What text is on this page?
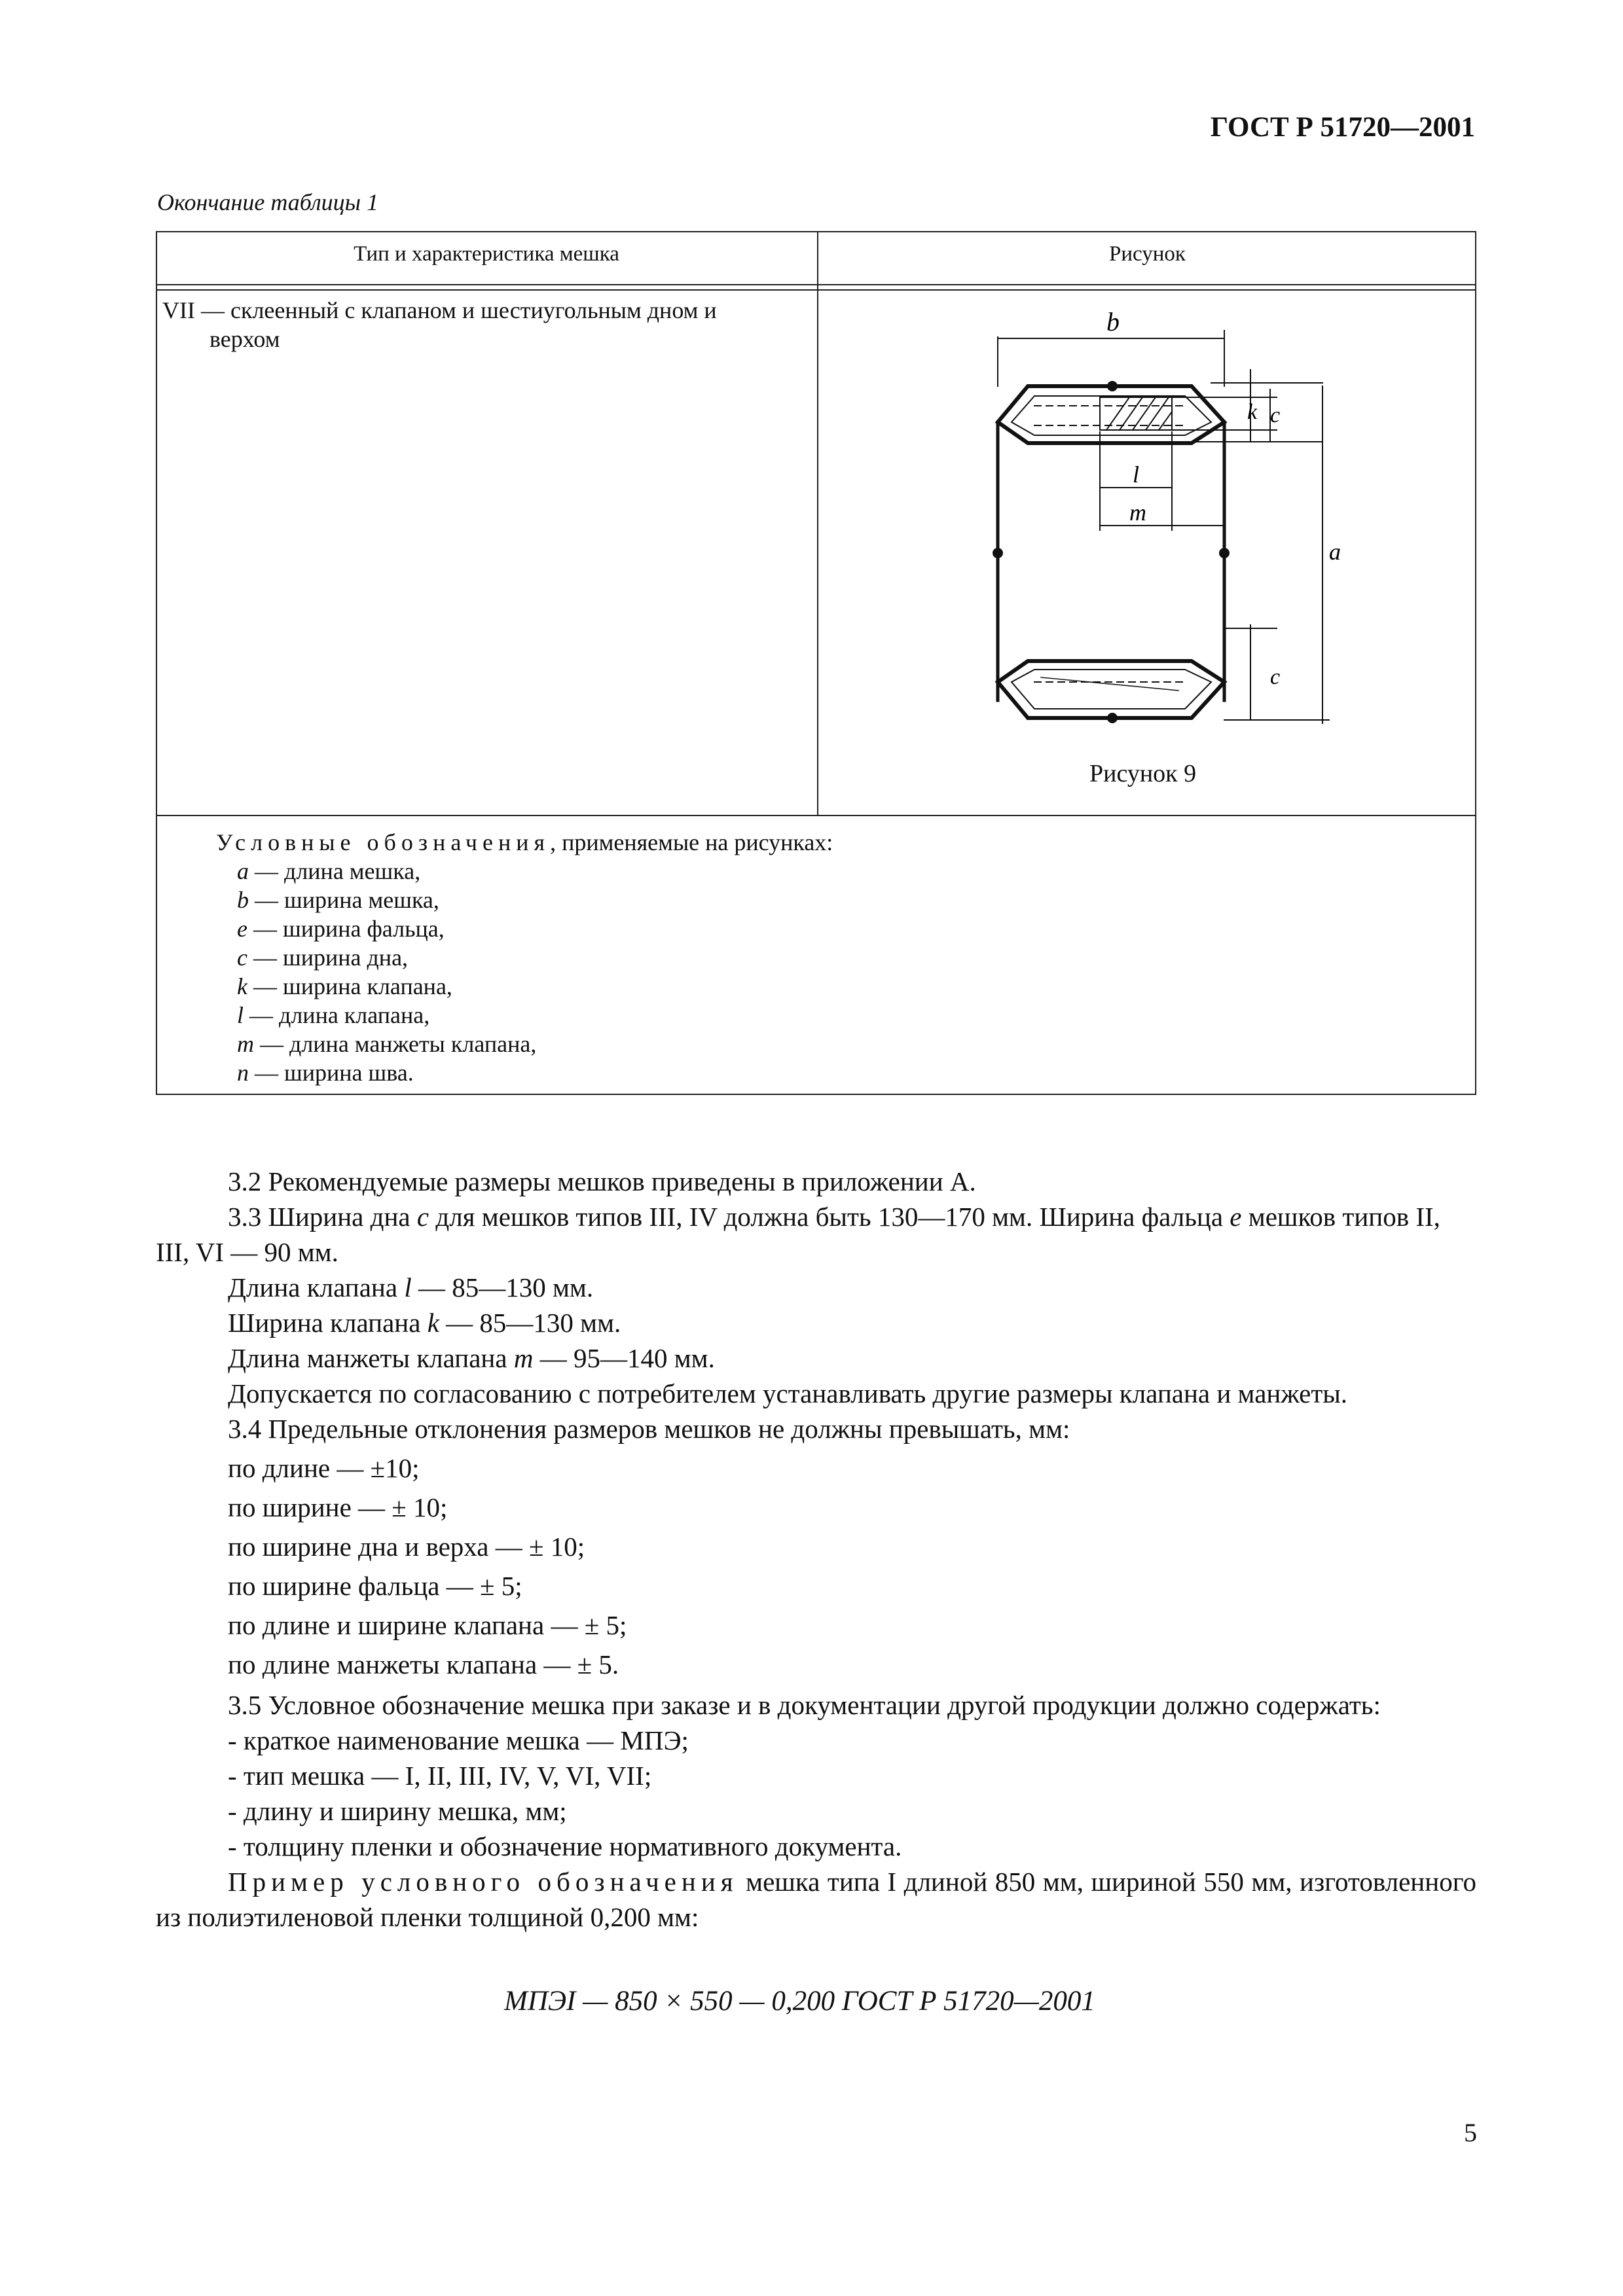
ГОСТ Р 51720—2001
Окончание таблицы 1
Тип и характеристика мешка	Рисунок
VII — склеенный с клапаном и шестиугольным дном и
верхом
b
k c
l
m
a
c
Рисунок 9
Условные обозначения, применяемые на рисунках:
a — длина мешка,
b — ширина мешка,
e — ширина фальца,
c — ширина дна,
k — ширина клапана,
l — длина клапана,
m — длина манжеты клапана,
n — ширина шва.

3.2 Рекомендуемые размеры мешков приведены в приложении А.

3.3 Ширина дна c для мешков типов III, IV должна быть 130—170 мм. Ширина фальца e мешков типов II, III, VI — 90 мм.

Длина клапана l — 85—130 мм.

Ширина клапана k — 85—130 мм.

Длина манжеты клапана m — 95—140 мм.

Допускается по согласованию с потребителем устанавливать другие размеры клапана и манжеты.

3.4 Предельные отклонения размеров мешков не должны превышать, мм:

по длине — ±10;

по ширине — ± 10;

по ширине дна и верха — ± 10;

по ширине фальца — ± 5;

по длине и ширине клапана — ± 5;

по длине манжеты клапана — ± 5.

3.5 Условное обозначение мешка при заказе и в документации другой продукции должно содержать:

- краткое наименование мешка — МПЭ;

- тип мешка — I, II, III, IV, V, VI, VII;

- длину и ширину мешка, мм;

- толщину пленки и обозначение нормативного документа.

Пример условного обозначения мешка типа I длиной 850 мм, шириной 550 мм, изготовленного из полиэтиленовой пленки толщиной 0,200 мм:

МПЭI — 850 × 550 — 0,200 ГОСТ Р 51720—2001
5
